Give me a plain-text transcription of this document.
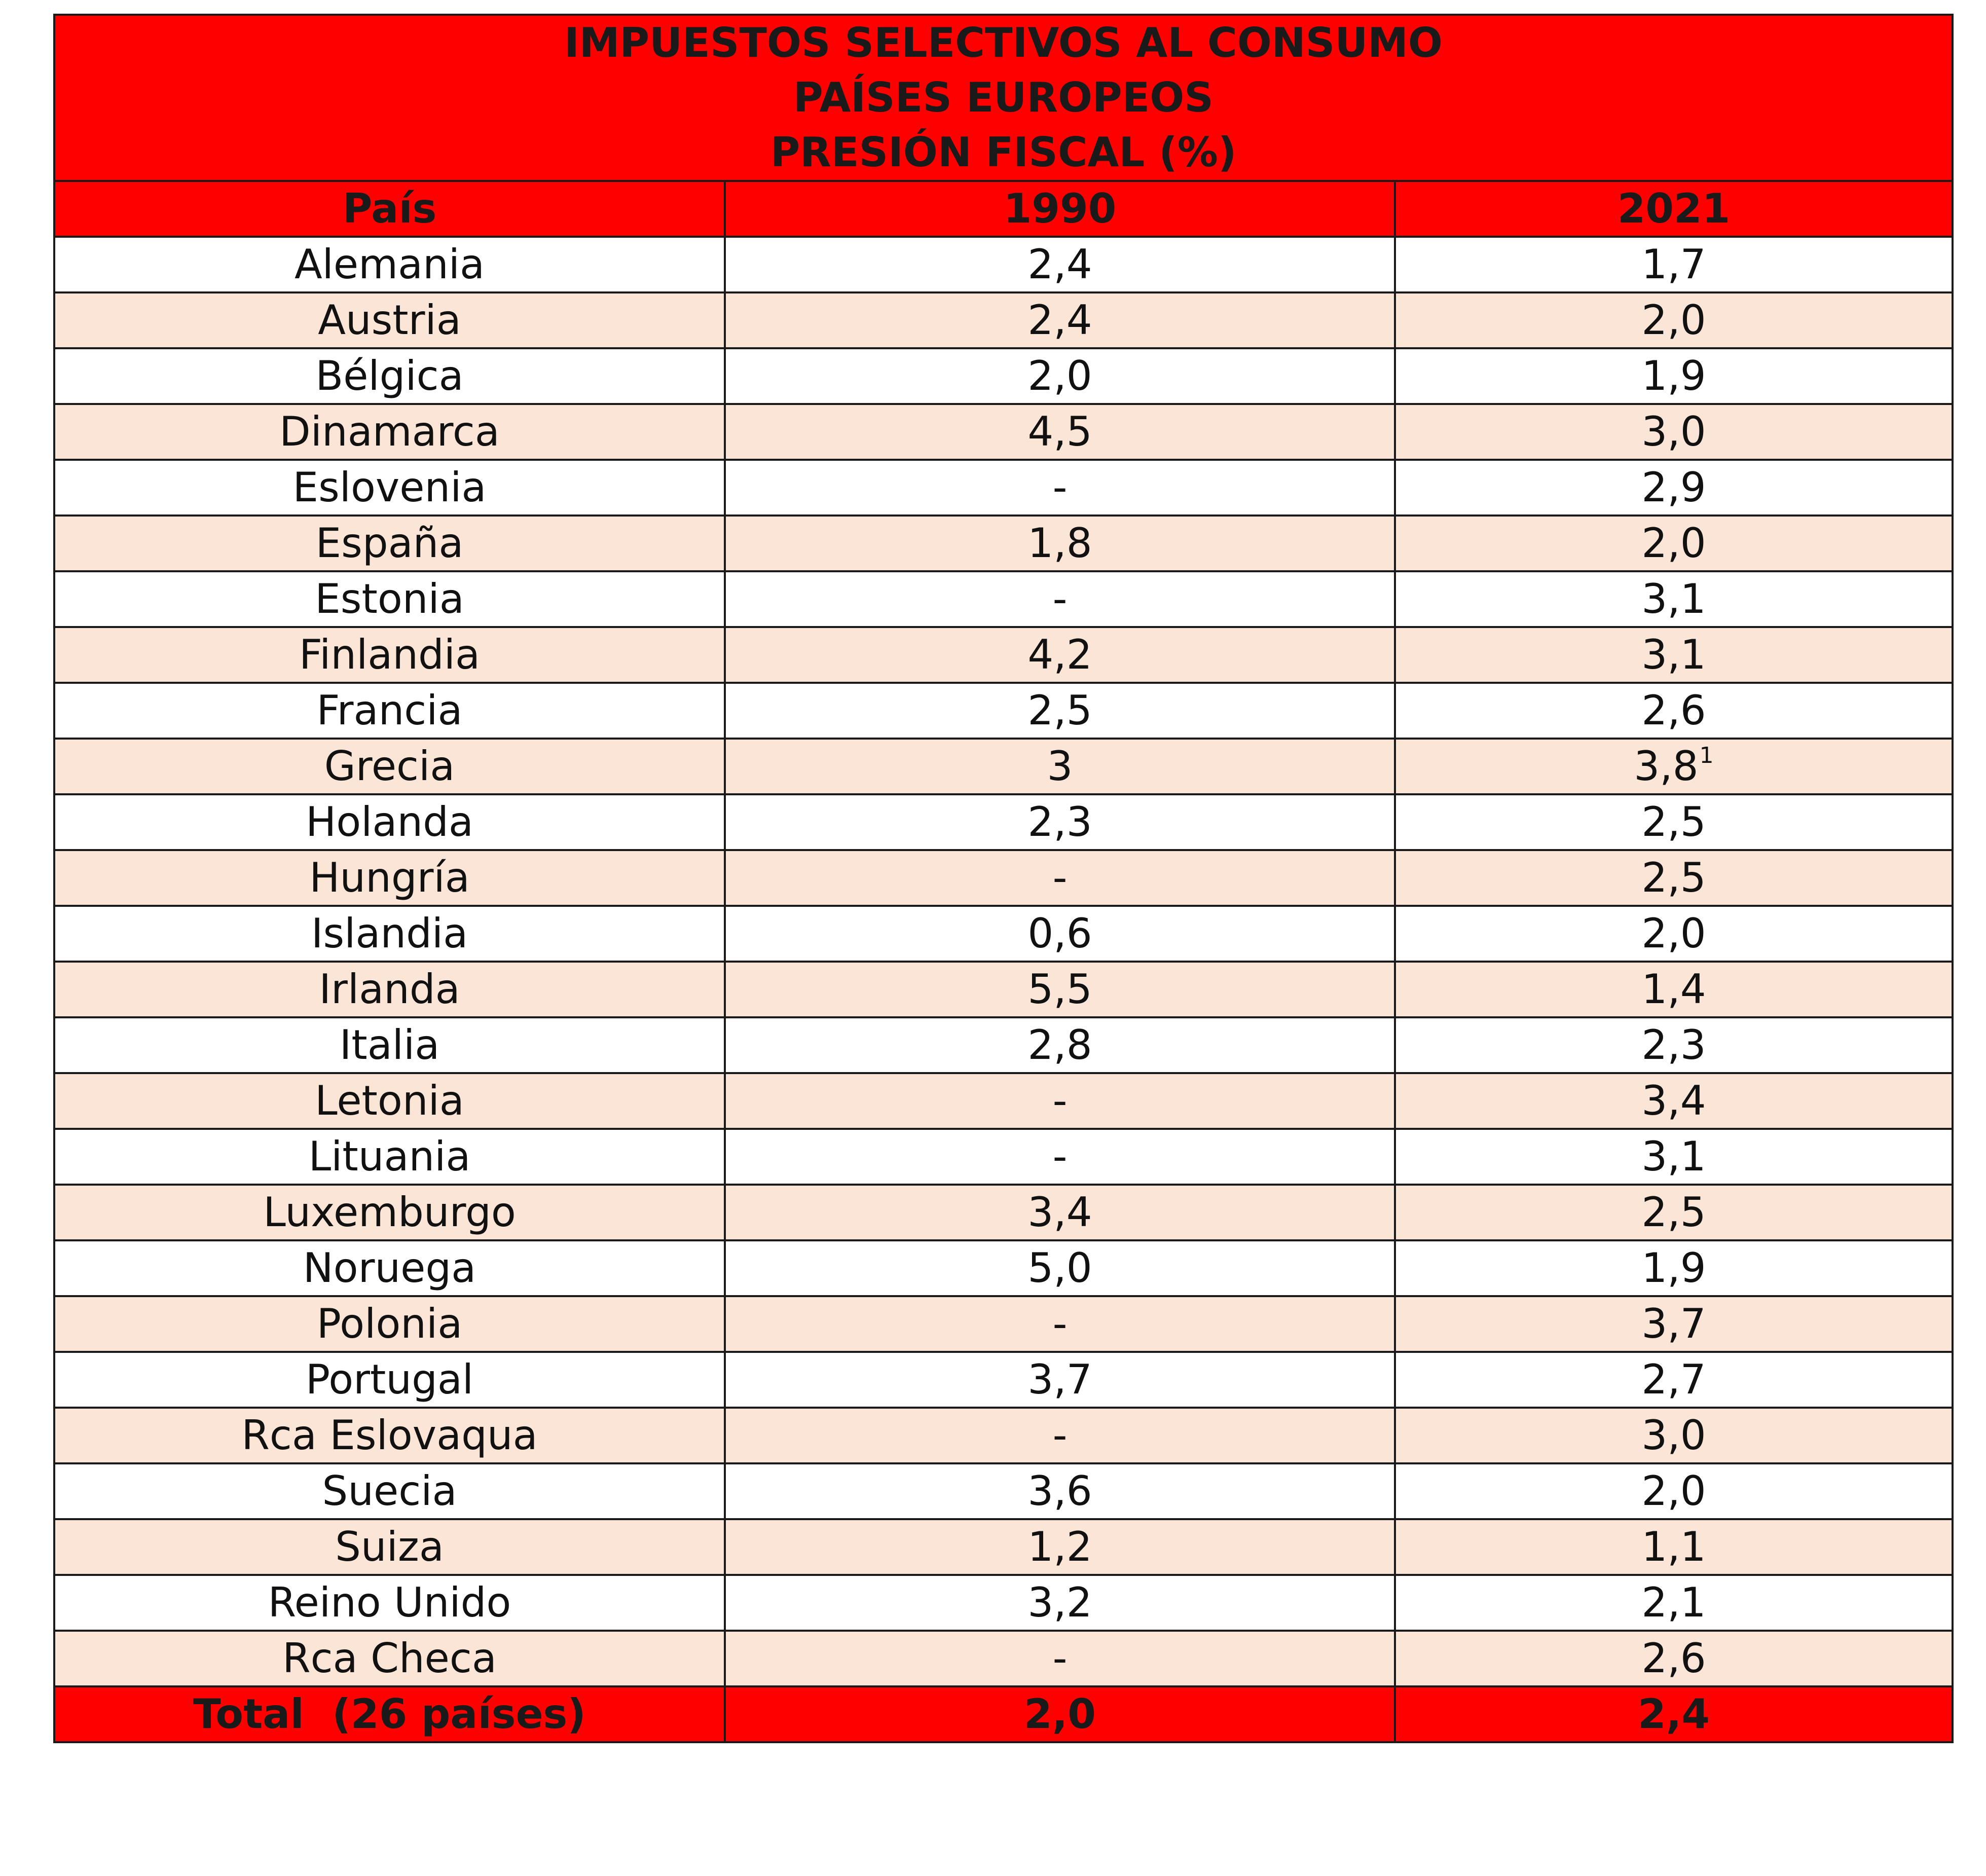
IMPUESTOS SELECTIVOS AL CONSUMO
PAÍSES EUROPEOS
PRESIÓN FISCAL (%)		

País	1990	2021
Alemania	2,4	1,7
Austria	2,4	2,0
Bélgica	2,0	1,9
Dinamarca	4,5	3,0
Eslovenia	-	2,9
España	1,8	2,0
Estonia	-	3,1
Finlandia	4,2	3,1
Francia	2,5	2,6
Grecia	3	3,8$^1$
Holanda	2,3	2,5
Hungría	-	2,5
Islandia	0,6	2,0
Irlanda	5,5	1,4
Italia	2,8	2,3
Letonia	-	3,4
Lituania	-	3,1
Luxemburgo	3,4	2,5
Noruega	5,0	1,9
Polonia	-	3,7
Portugal	3,7	2,7
Rca Eslovaqua	-	3,0
Suecia	3,6	2,0
Suiza	1,2	1,1
Reino Unido	3,2	2,1
Rca Checa	-	2,6
Total  (26 países)	2,0	2,4
